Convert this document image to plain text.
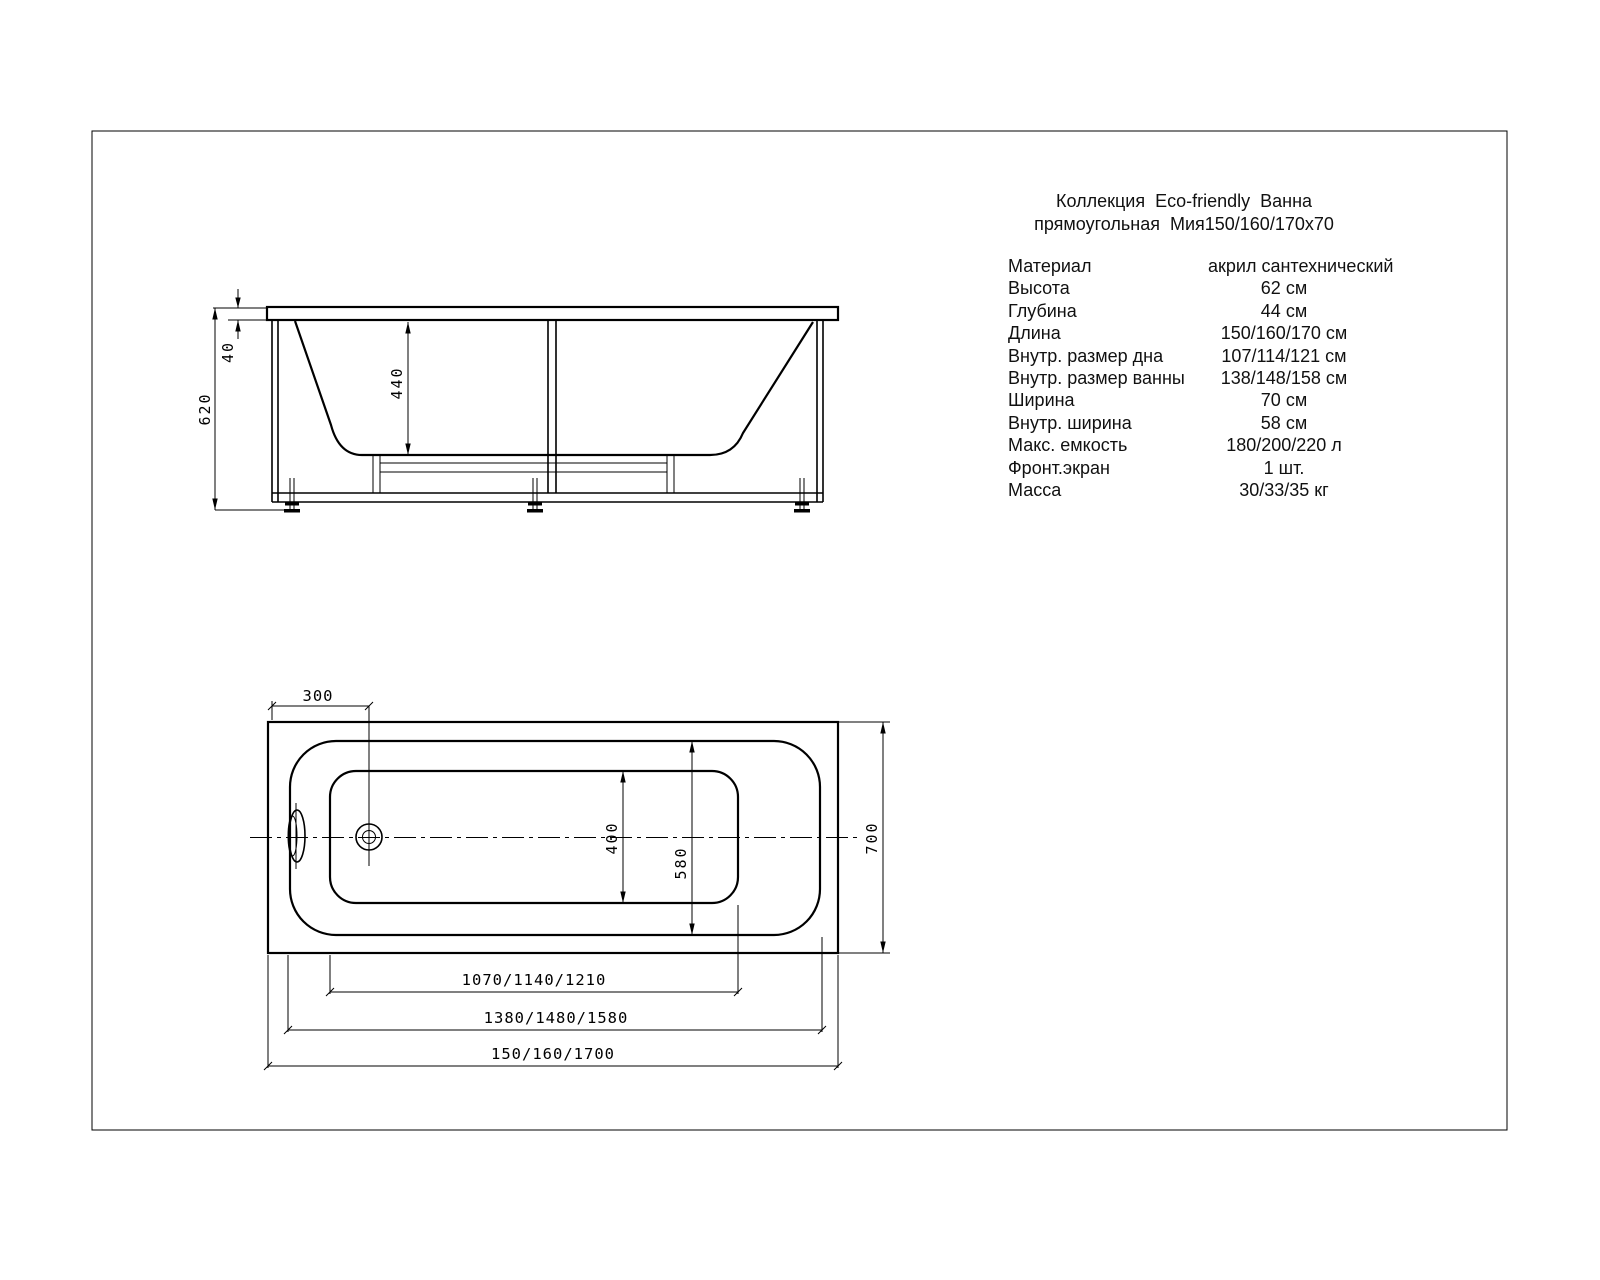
620
40
440
300
400
580
700
1070/1140/1210
1380/1480/1580
150/160/1700
Коллекция Eco-friendly Ванна
прямоугольная Мия150/160/170x70
Материал	акрил сантехнический
Высота	62 см
Глубина	44 см
Длина	150/160/170 см
Внутр. размер дна	107/114/121 см
Внутр. размер ванны	138/148/158 см
Ширина	70 см
Внутр. ширина	58 см
Макс. емкость	180/200/220 л
Фронт.экран	1 шт.
Масса	30/33/35 кг
